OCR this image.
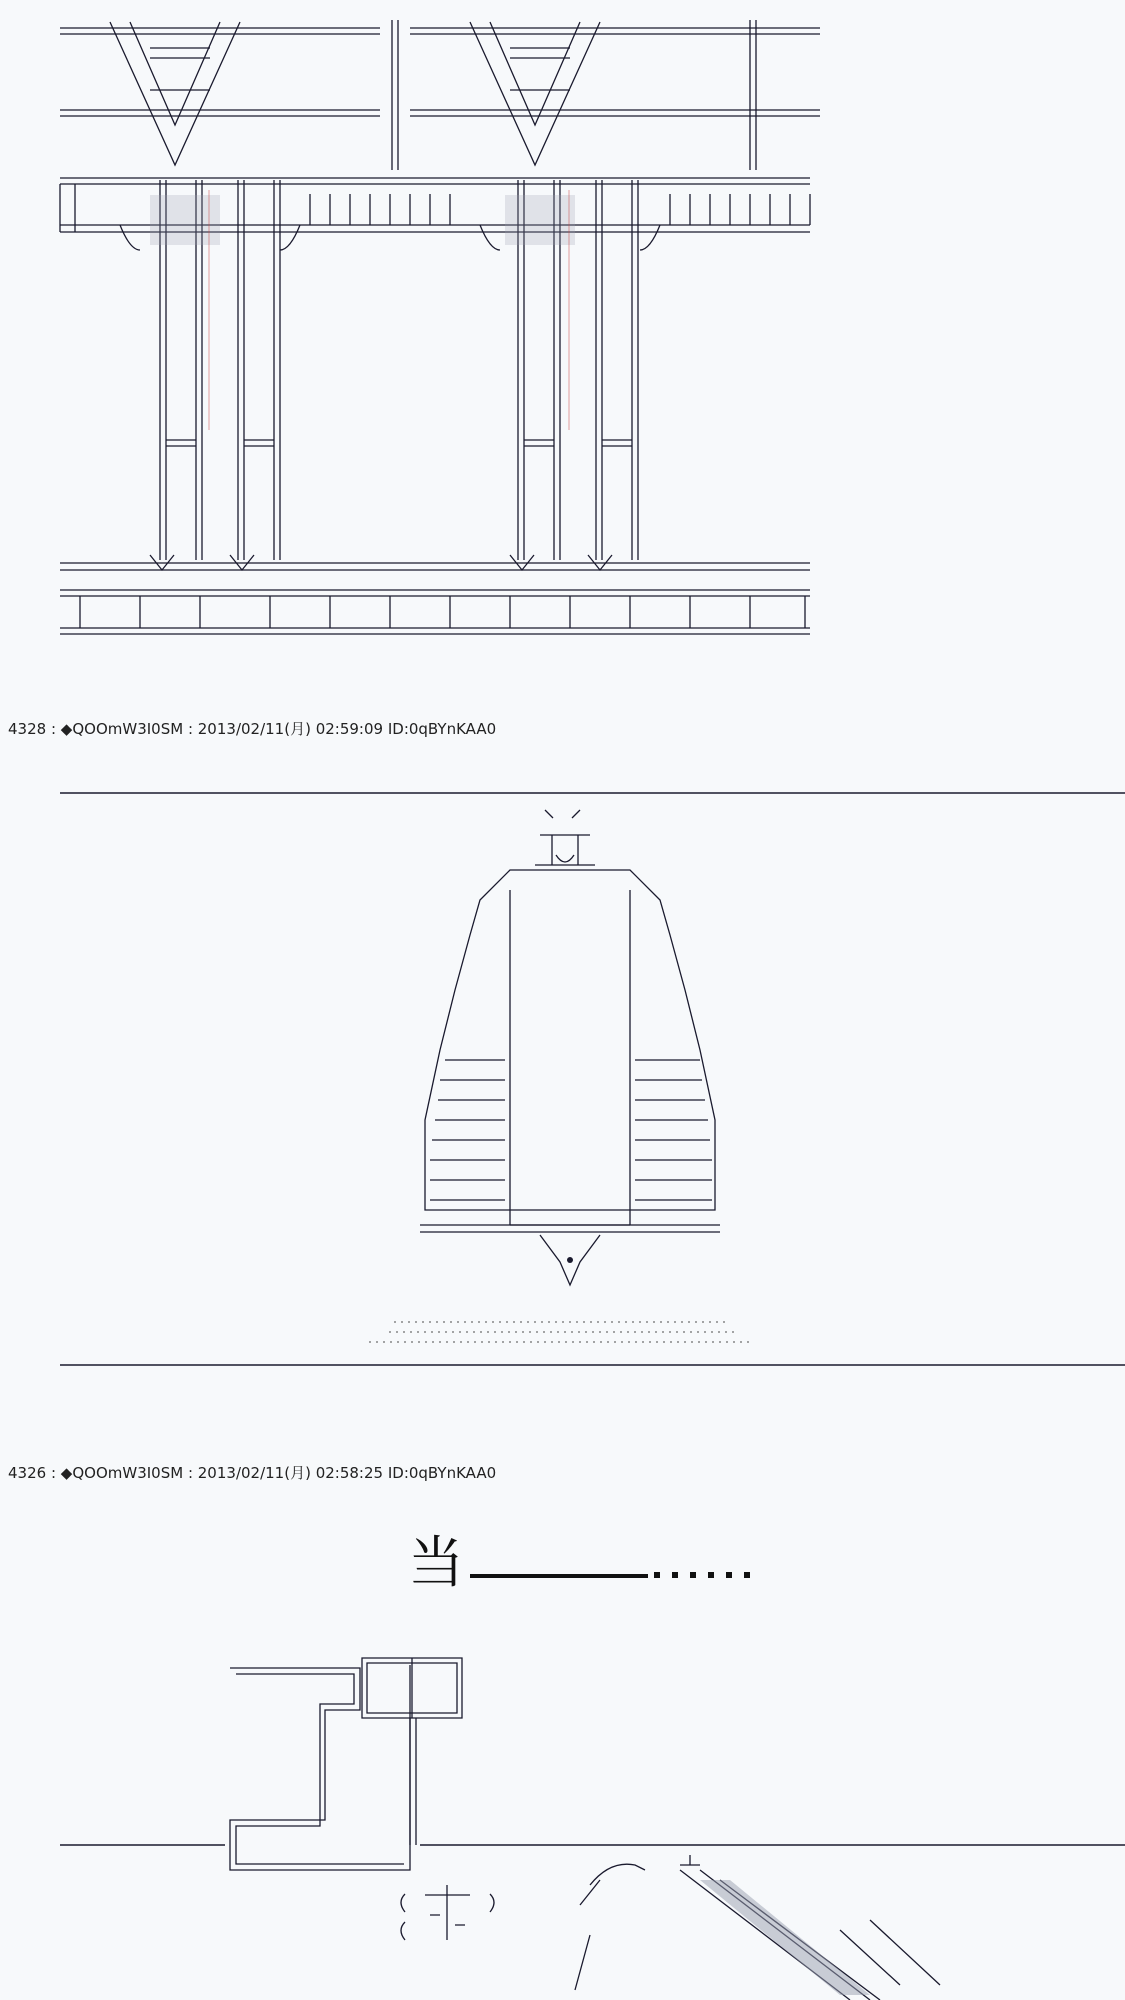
4328 : ◆QOOmW3I0SM : 2013/02/11(月) 02:59:09 ID:0qBYnKAA0
4326 : ◆QOOmW3I0SM : 2013/02/11(月) 02:58:25 ID:0qBYnKAA0
当
